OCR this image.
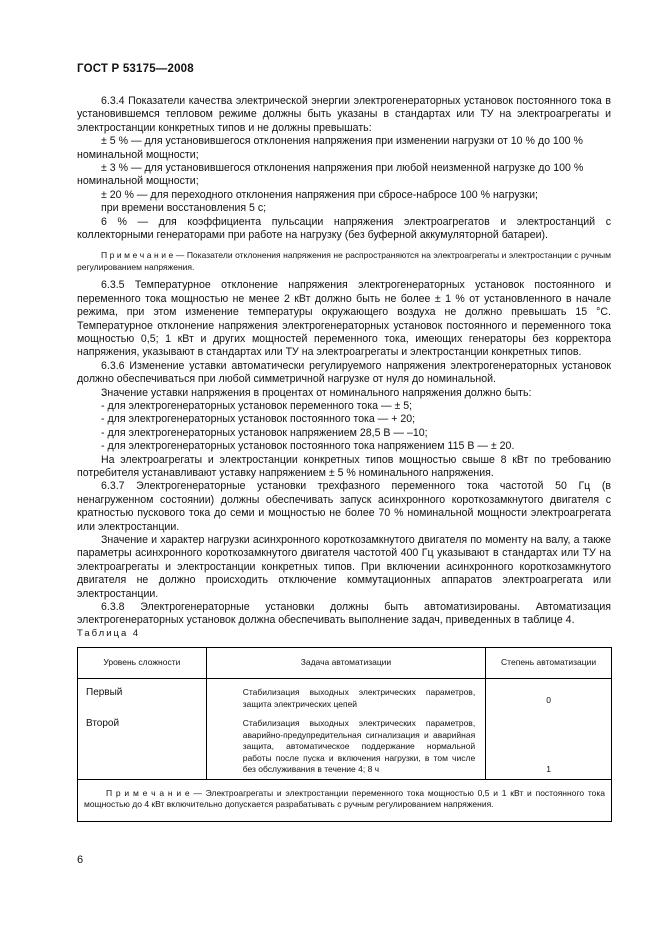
ГОСТ Р 53175—2008

6.3.4 Показатели качества электрической энергии электрогенераторных установок постоянного тока в установившемся тепловом режиме должны быть указаны в стандартах или ТУ на электроагрегаты и электростанции конкретных типов и не должны превышать:

± 5 % — для установившегося отклонения напряжения при изменении нагрузки от 10 % до 100 %

номинальной мощности;

± 3 % — для установившегося отклонения напряжения при любой неизменной нагрузке до 100 %

номинальной мощности;

± 20 % — для переходного отклонения напряжения при сбросе-набросе 100 % нагрузки;

при времени восстановления 5 с;

6 % — для коэффициента пульсации напряжения электроагрегатов и электростанций с коллекторными генераторами при работе на нагрузку (без буферной аккумуляторной батареи).

П р и м е ч а н и е — Показатели отклонения напряжения не распространяются на электроагрегаты и электростанции с ручным регулированием напряжения.

6.3.5 Температурное отклонение напряжения электрогенераторных установок постоянного и переменного тока мощностью не менее 2 кВт должно быть не более ± 1 % от установленного в начале режима, при этом изменение температуры окружающего воздуха не должно превышать 15 °С. Температурное отклонение напряжения электрогенераторных установок постоянного и переменного тока мощностью 0,5; 1 кВт и других мощностей переменного тока, имеющих генераторы без корректора напряжения, указывают в стандартах или ТУ на электроагрегаты и электростанции конкретных типов.

6.3.6 Изменение уставки автоматически регулируемого напряжения электрогенераторных установок должно обеспечиваться при любой симметричной нагрузке от нуля до номинальной.

Значение уставки напряжения в процентах от номинального напряжения должно быть:

- для электрогенераторных установок переменного тока — ± 5;

- для электрогенераторных установок постоянного тока — + 20;

- для электрогенераторных установок напряжением 28,5 В — –10;

- для электрогенераторных установок постоянного тока напряжением 115 В — ± 20.

На электроагрегаты и электростанции конкретных типов мощностью свыше 8 кВт по требованию потребителя устанавливают уставку напряжением ± 5 % номинального напряжения.

6.3.7 Электрогенераторные установки трехфазного переменного тока частотой 50 Гц (в ненагруженном состоянии) должны обеспечивать запуск асинхронного короткозамкнутого двигателя с кратностью пускового тока до семи и мощностью не более 70 % номинальной мощности электроагрегата или электростанции.

Значение и характер нагрузки асинхронного короткозамкнутого двигателя по моменту на валу, а также параметры асинхронного короткозамкнутого двигателя частотой 400 Гц указывают в стандартах или ТУ на электроагрегаты и электростанции конкретных типов. При включении асинхронного короткозамкнутого двигателя не должно происходить отключение коммутационных аппаратов электроагрегата или электростанции.

6.3.8 Электрогенераторные установки должны быть автоматизированы. Автоматизация электрогенераторных установок должна обеспечивать выполнение задач, приведенных в таблице 4.

Таблица 4
Уровень сложности	Задача автоматизации	Степень автоматизации
Первый	Стабилизация выходных электрических параметров, защита электрических цепей	0
Второй	Стабилизация выходных электрических параметров, аварийно-предупредительная сигнализация и аварийная защита, автоматическое поддержание нормальной работы после пуска и включения нагрузки, в том числе без обслуживания в течение 4; 8 ч	1
П р и м е ч а н и е — Электроагрегаты и электростанции переменного тока мощностью 0,5 и 1 кВт и постоянного тока мощностью до 4 кВт включительно допускается разрабатывать с ручным регулированием напряжения.		
6
